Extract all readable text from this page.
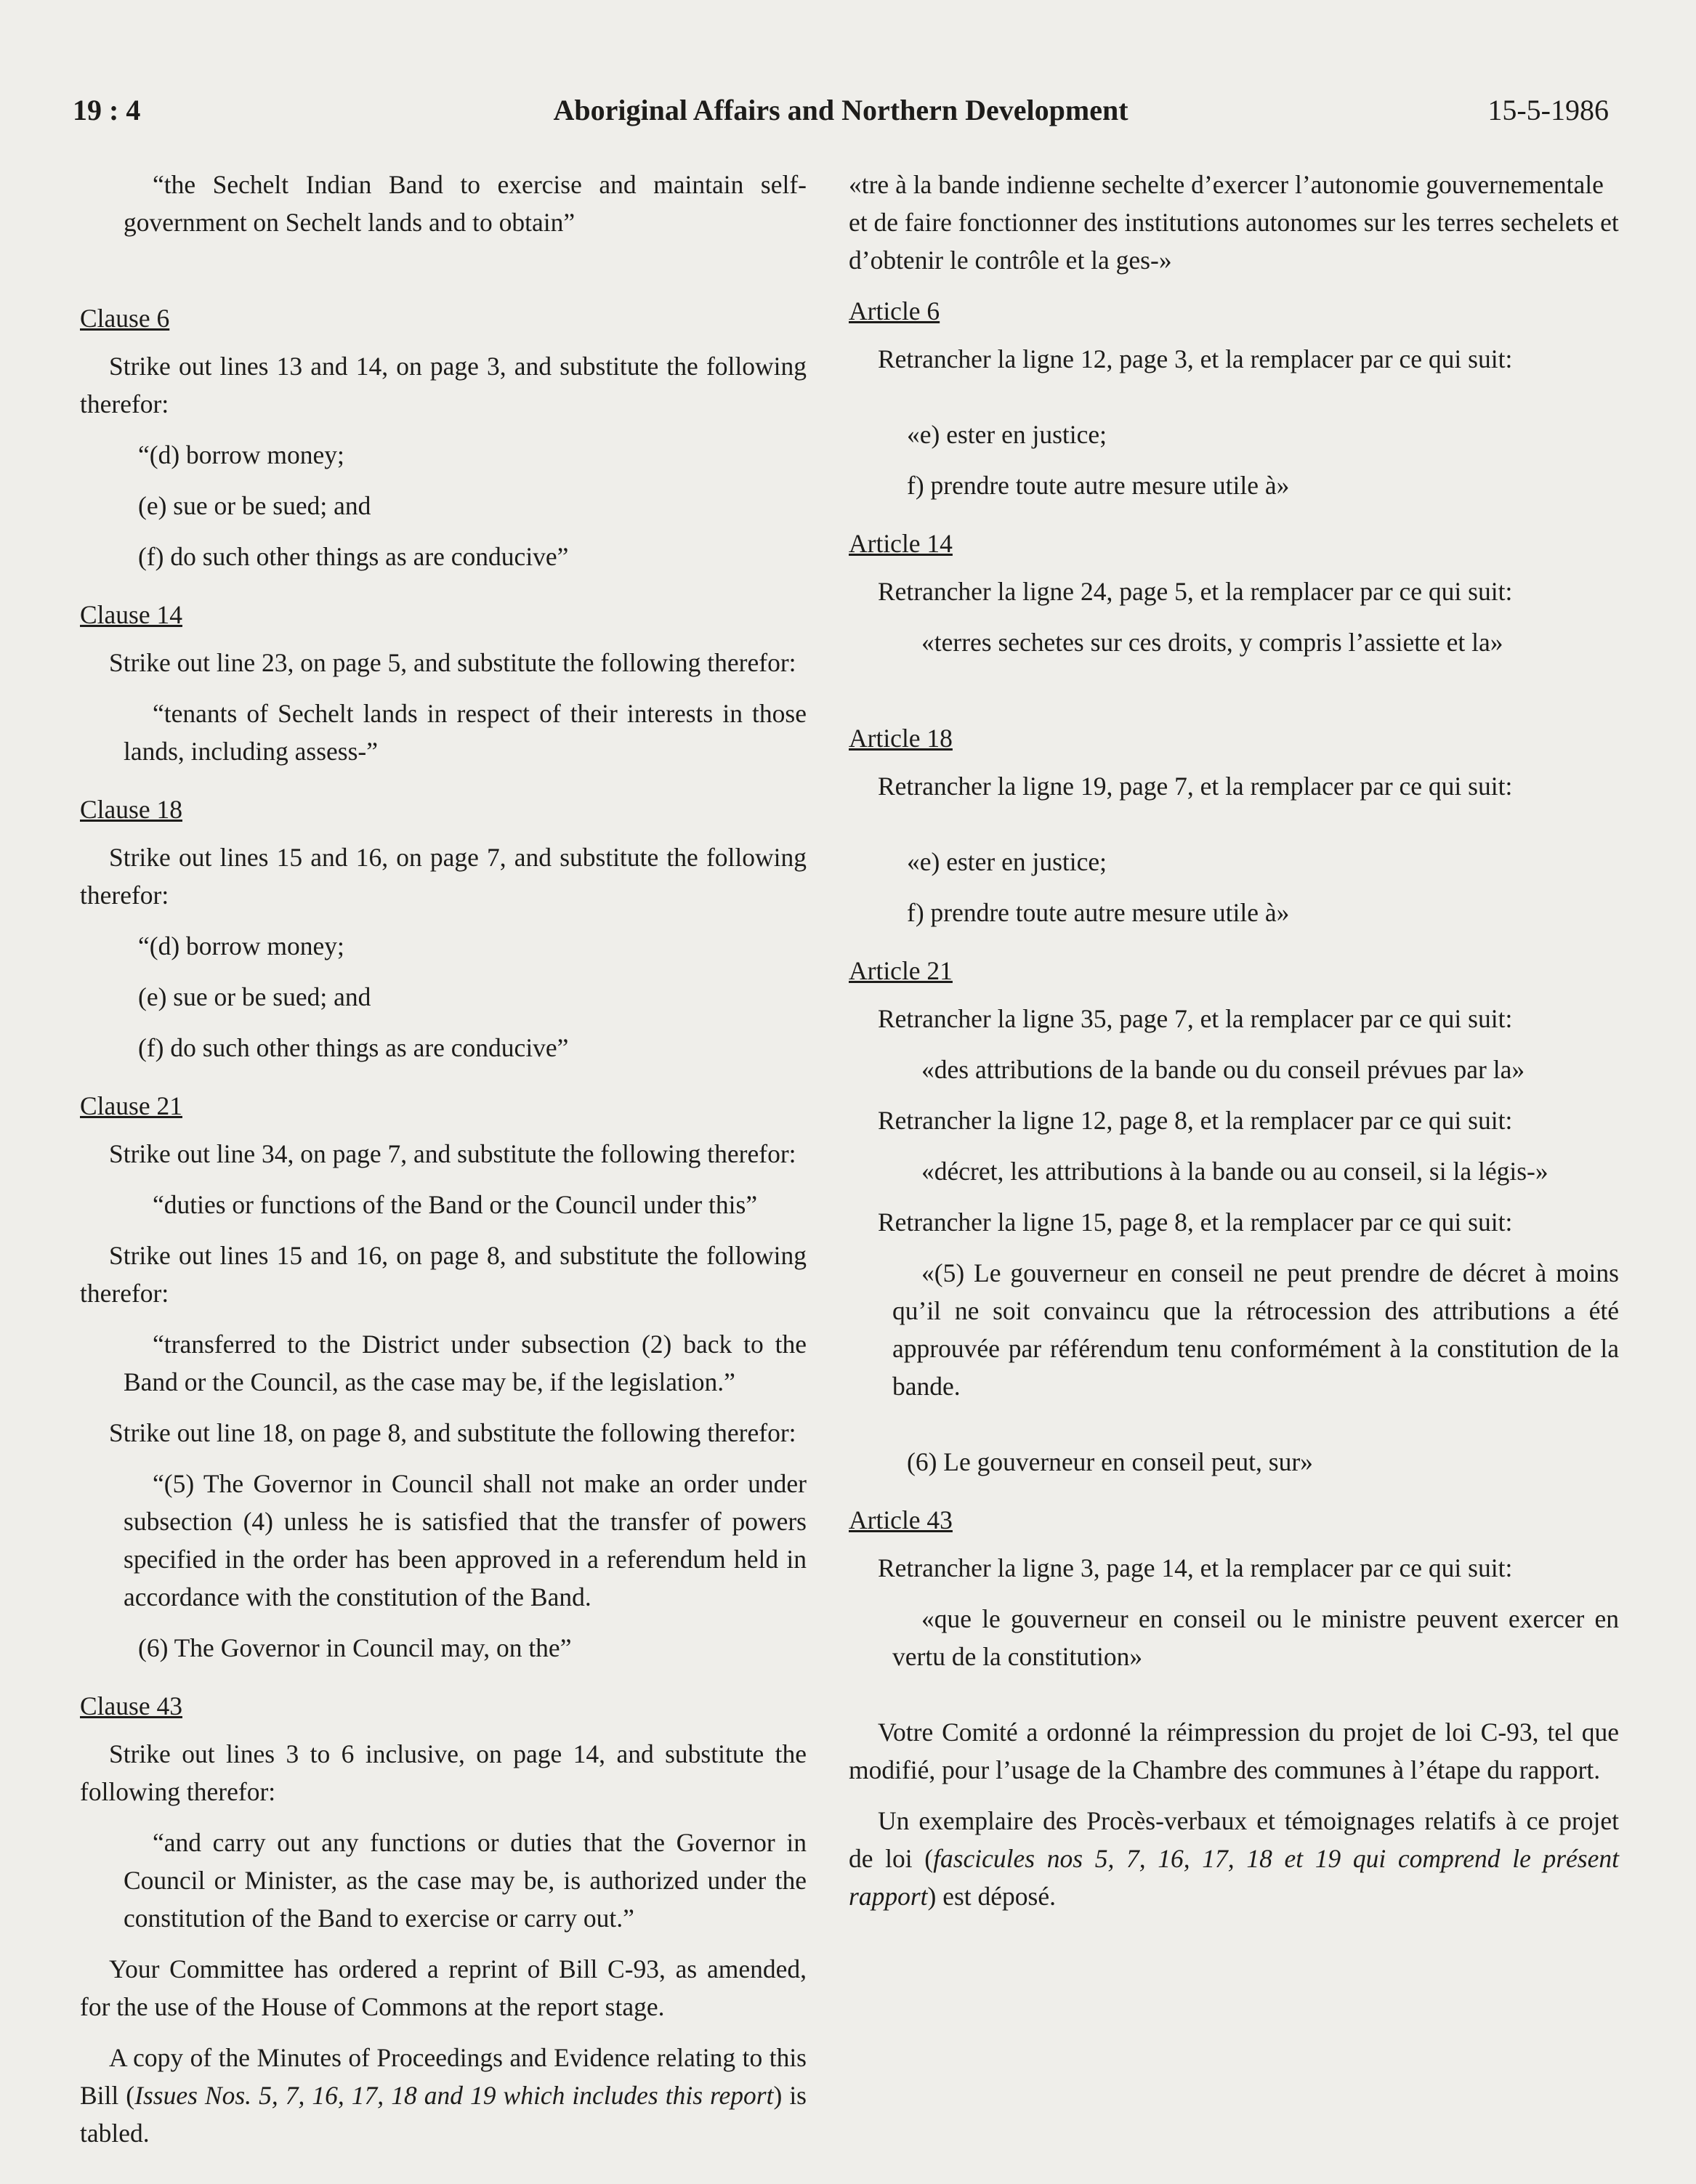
19 : 4	Aboriginal Affairs and Northern Development	15-5-1986

“the Sechelt Indian Band to exercise and maintain self-government on Sechelt lands and to obtain”

Clause 6

Strike out lines 13 and 14, on page 3, and substitute the following therefor:

“(d) borrow money;

(e) sue or be sued; and

(f) do such other things as are conducive”

Clause 14

Strike out line 23, on page 5, and substitute the following therefor:

“tenants of Sechelt lands in respect of their interests in those lands, including assess-”

Clause 18

Strike out lines 15 and 16, on page 7, and substitute the following therefor:

“(d) borrow money;

(e) sue or be sued; and

(f) do such other things as are conducive”

Clause 21

Strike out line 34, on page 7, and substitute the following therefor:

“duties or functions of the Band or the Council under this”

Strike out lines 15 and 16, on page 8, and substitute the following therefor:

“transferred to the District under subsection (2) back to the Band or the Council, as the case may be, if the legislation.”

Strike out line 18, on page 8, and substitute the following therefor:

“(5) The Governor in Council shall not make an order under subsection (4) unless he is satisfied that the transfer of powers specified in the order has been approved in a referendum held in accordance with the constitution of the Band.

(6) The Governor in Council may, on the”

Clause 43

Strike out lines 3 to 6 inclusive, on page 14, and substitute the following therefor:

“and carry out any functions or duties that the Governor in Council or Minister, as the case may be, is authorized under the constitution of the Band to exercise or carry out.”

Your Committee has ordered a reprint of Bill C-93, as amended, for the use of the House of Commons at the report stage.

A copy of the Minutes of Proceedings and Evidence relating to this Bill (Issues Nos. 5, 7, 16, 17, 18 and 19 which includes this report) is tabled.

«tre à la bande indienne sechelte d’exercer l’autonomie gouvernementale et de faire fonctionner des institutions autonomes sur les terres sechelets et d’obtenir le contrôle et la ges-»

Article 6

Retrancher la ligne 12, page 3, et la remplacer par ce qui suit:

«e) ester en justice;

f) prendre toute autre mesure utile à»

Article 14

Retrancher la ligne 24, page 5, et la remplacer par ce qui suit:

«terres sechetes sur ces droits, y compris l’assiette et la»

Article 18

Retrancher la ligne 19, page 7, et la remplacer par ce qui suit:

«e) ester en justice;

f) prendre toute autre mesure utile à»

Article 21

Retrancher la ligne 35, page 7, et la remplacer par ce qui suit:

«des attributions de la bande ou du conseil prévues par la»

Retrancher la ligne 12, page 8, et la remplacer par ce qui suit:

«décret, les attributions à la bande ou au conseil, si la légis-»

Retrancher la ligne 15, page 8, et la remplacer par ce qui suit:

«(5) Le gouverneur en conseil ne peut prendre de décret à moins qu’il ne soit convaincu que la rétrocession des attributions a été approuvée par référendum tenu conformément à la constitution de la bande.

(6) Le gouverneur en conseil peut, sur»

Article 43

Retrancher la ligne 3, page 14, et la remplacer par ce qui suit:

«que le gouverneur en conseil ou le ministre peuvent exercer en vertu de la constitution»

Votre Comité a ordonné la réimpression du projet de loi C-93, tel que modifié, pour l’usage de la Chambre des communes à l’étape du rapport.

Un exemplaire des Procès-verbaux et témoignages relatifs à ce projet de loi (fascicules nos 5, 7, 16, 17, 18 et 19 qui comprend le présent rapport) est déposé.
